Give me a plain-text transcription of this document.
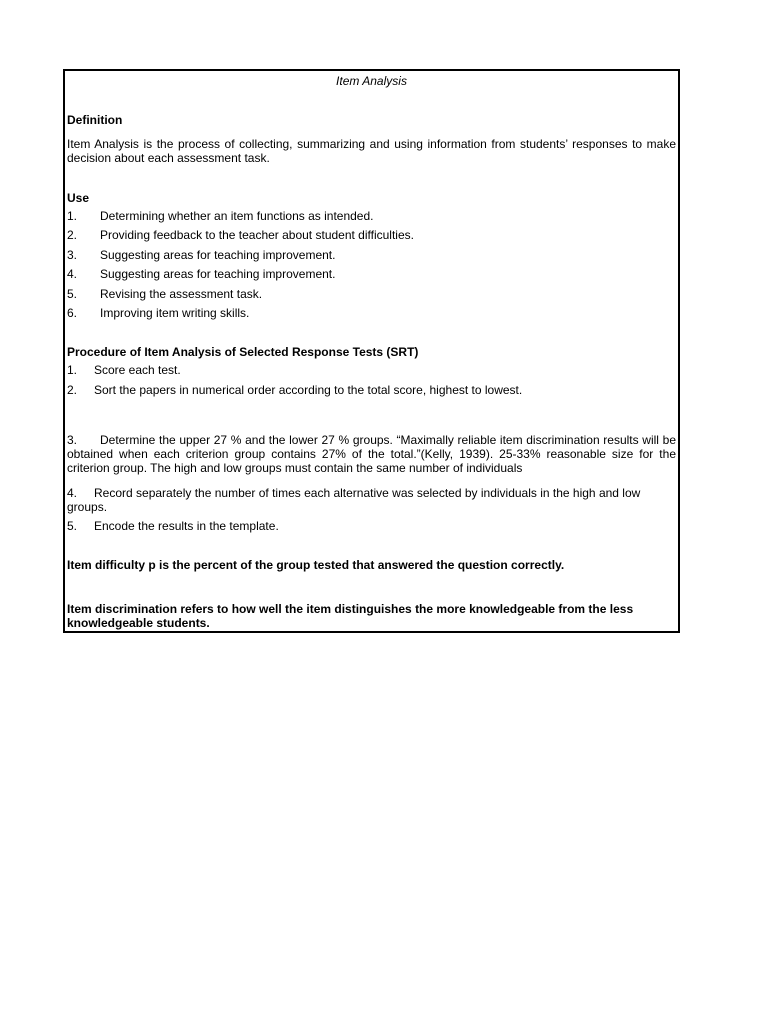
Item Analysis
Definition
Item Analysis is the process of collecting, summarizing and using information from students’ responses to make decision about each assessment task.
Use
1. Determining whether an item functions as intended.
2. Providing feedback to the teacher about student difficulties.
3. Suggesting areas for teaching improvement.
4. Suggesting areas for teaching improvement.
5. Revising the assessment task.
6. Improving item writing skills.
Procedure of Item Analysis of Selected Response Tests (SRT)
1. Score each test.
2. Sort the papers in numerical order according to the total score, highest to lowest.
3. Determine the upper 27 % and the lower 27 % groups. “Maximally reliable item discrimination results will be obtained when each criterion group contains 27% of the total.”(Kelly, 1939). 25-33% reasonable size for the criterion group. The high and low groups must contain the same number of individuals
4. Record separately the number of times each alternative was selected by individuals in the high and low groups.
5. Encode the results in the template.
Item difficulty p is the percent of the group tested that answered the question correctly.
Item discrimination refers to how well the item distinguishes the more knowledgeable from the less knowledgeable students.
